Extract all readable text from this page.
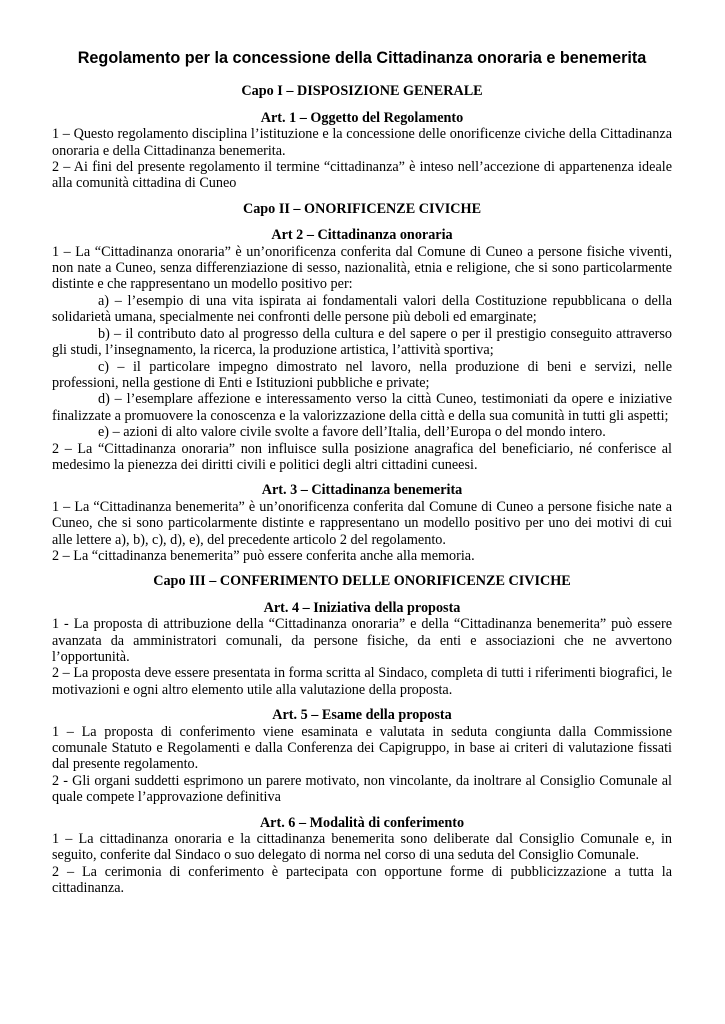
Regolamento per la concessione della Cittadinanza onoraria e benemerita
Capo I – DISPOSIZIONE GENERALE
Art. 1 – Oggetto del Regolamento

1 – Questo regolamento disciplina l’istituzione e la concessione delle onorificenze civiche della Cittadinanza onoraria e della Cittadinanza benemerita.

2 – Ai fini del presente regolamento il termine “cittadinanza” è inteso nell’accezione di appartenenza ideale alla comunità cittadina di Cuneo

Capo II – ONORIFICENZE CIVICHE
Art 2 – Cittadinanza onoraria

1 – La “Cittadinanza onoraria” è un’onorificenza conferita dal Comune di Cuneo a persone fisiche viventi, non nate a Cuneo, senza differenziazione di sesso, nazionalità, etnia e religione, che si sono particolarmente distinte e che rappresentano un modello positivo per:

a) – l’esempio di una vita ispirata ai fondamentali valori della Costituzione repubblicana o della solidarietà umana, specialmente nei confronti delle persone più deboli ed emarginate;

b) – il contributo dato al progresso della cultura e del sapere o per il prestigio conseguito attraverso gli studi, l’insegnamento, la ricerca, la produzione artistica, l’attività sportiva;

c) – il particolare impegno dimostrato nel lavoro, nella produzione di beni e servizi, nelle professioni, nella gestione di Enti e Istituzioni pubbliche e private;

d) – l’esemplare affezione e interessamento verso la città Cuneo, testimoniati da opere e iniziative finalizzate a promuovere la conoscenza e la valorizzazione della città e della sua comunità in tutti gli aspetti;

e) – azioni di alto valore civile svolte a favore dell’Italia, dell’Europa o del mondo intero.

2 – La “Cittadinanza onoraria” non influisce sulla posizione anagrafica del beneficiario, né conferisce al medesimo la pienezza dei diritti civili e politici degli altri cittadini cuneesi.

Art. 3 – Cittadinanza benemerita

1 – La “Cittadinanza benemerita” è un’onorificenza conferita dal Comune di Cuneo a persone fisiche nate a Cuneo, che si sono particolarmente distinte e rappresentano un modello positivo per uno dei motivi di cui alle lettere a), b), c), d), e), del precedente articolo 2 del regolamento.

2 – La “cittadinanza benemerita” può essere conferita anche alla memoria.

Capo III – CONFERIMENTO DELLE ONORIFICENZE CIVICHE
Art. 4 – Iniziativa della proposta

1 - La proposta di attribuzione della “Cittadinanza onoraria” e della “Cittadinanza benemerita” può essere avanzata da amministratori comunali, da persone fisiche, da enti e associazioni che ne avvertono l’opportunità.

2 – La proposta deve essere presentata in forma scritta al Sindaco, completa di tutti i riferimenti biografici, le motivazioni e ogni altro elemento utile alla valutazione della proposta.

Art. 5 – Esame della proposta

1 – La proposta di conferimento viene esaminata e valutata in seduta congiunta dalla Commissione comunale Statuto e Regolamenti e dalla Conferenza dei Capigruppo, in base ai criteri di valutazione fissati dal presente regolamento.

2 - Gli organi suddetti esprimono un parere motivato, non vincolante, da inoltrare al Consiglio Comunale al quale compete l’approvazione definitiva

Art. 6 – Modalità di conferimento

1 – La cittadinanza onoraria e la cittadinanza benemerita sono deliberate dal Consiglio Comunale e, in seguito, conferite dal Sindaco o suo delegato di norma nel corso di una seduta del Consiglio Comunale.

2 – La cerimonia di conferimento è partecipata con opportune forme di pubblicizzazione a tutta la cittadinanza.
